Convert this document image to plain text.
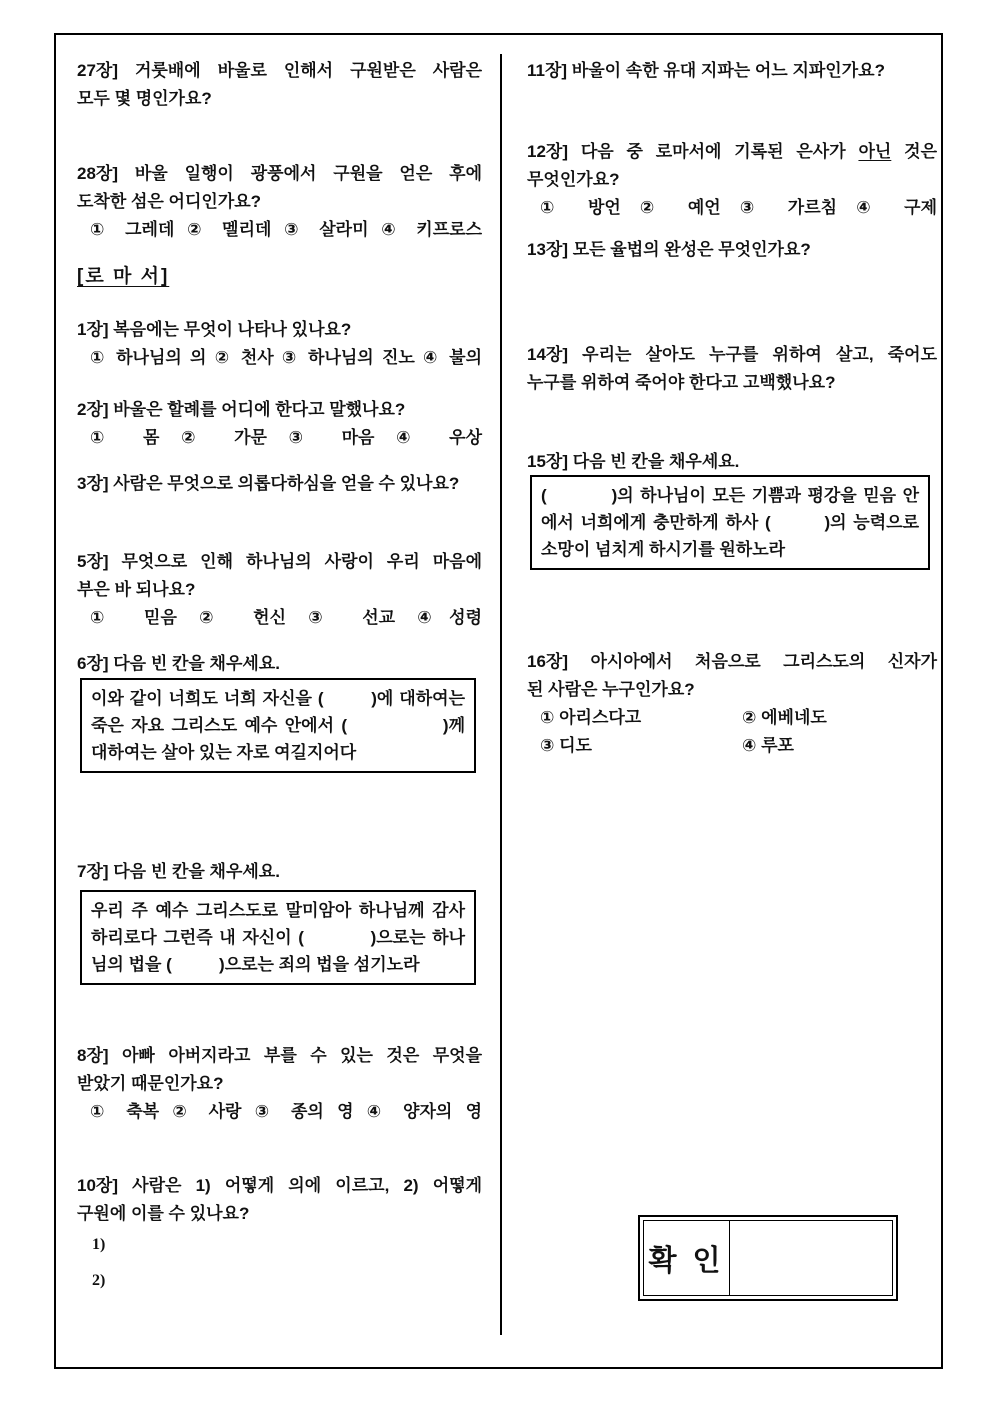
27장] 거룻배에 바울로 인해서 구원받은 사람은
모두 몇 명인가요?
28장] 바울 일행이 광풍에서 구원을 얻은 후에
도착한 섬은 어디인가요?
① 그레데 ② 멜리데 ③ 살라미 ④ 키프로스
[로 마 서]
1장] 복음에는 무엇이 나타나 있나요?
① 하나님의 의 ② 천사 ③ 하나님의 진노 ④ 불의
2장] 바울은 할례를 어디에 한다고 말했나요?
① 몸 ② 가문 ③ 마음 ④ 우상
3장] 사람은 무엇으로 의롭다하심을 얻을 수 있나요?
5장] 무엇으로 인해 하나님의 사랑이 우리 마음에
부은 바 되나요?
① 믿음 ② 헌신 ③ 선교 ④성령
6장] 다음 빈 칸을 채우세요.
이와 같이 너희도 너희 자신을 (        )에 대하여는
죽은 자요 그리스도 예수 안에서 (             )께
대하여는 살아 있는 자로 여길지어다
7장] 다음 빈 칸을 채우세요.
우리 주 예수 그리스도로 말미암아 하나님께 감사
하리로다 그런즉 내 자신이 (          )으로는 하나
님의 법을 (          )으로는 죄의 법을 섬기노라
8장] 아빠 아버지라고 부를 수 있는 것은 무엇을
받았기 때문인가요?
① 축복 ② 사랑 ③ 종의 영 ④ 양자의 영
10장] 사람은 1) 어떻게 의에 이르고, 2) 어떻게
구원에 이를 수 있나요?
1)
2)
11장] 바울이 속한 유대 지파는 어느 지파인가요?
12장] 다음 중 로마서에 기록된 은사가 아닌 것은
무엇인가요?
① 방언 ② 예언 ③ 가르침 ④ 구제
13장] 모든 율법의 완성은 무엇인가요?
14장] 우리는 살아도 누구를 위하여 살고, 죽어도
누구를 위하여 죽어야 한다고 고백했나요?
15장] 다음 빈 칸을 채우세요.
(          )의 하나님이 모든 기쁨과 평강을 믿음 안
에서 너희에게 충만하게 하사 (        )의 능력으로
소망이 넘치게 하시기를 원하노라
16장] 아시아에서 처음으로 그리스도의 신자가
된 사람은 누구인가요?
① 아리스다고	② 에베네도
③ 디도	④ 루포
확 인
